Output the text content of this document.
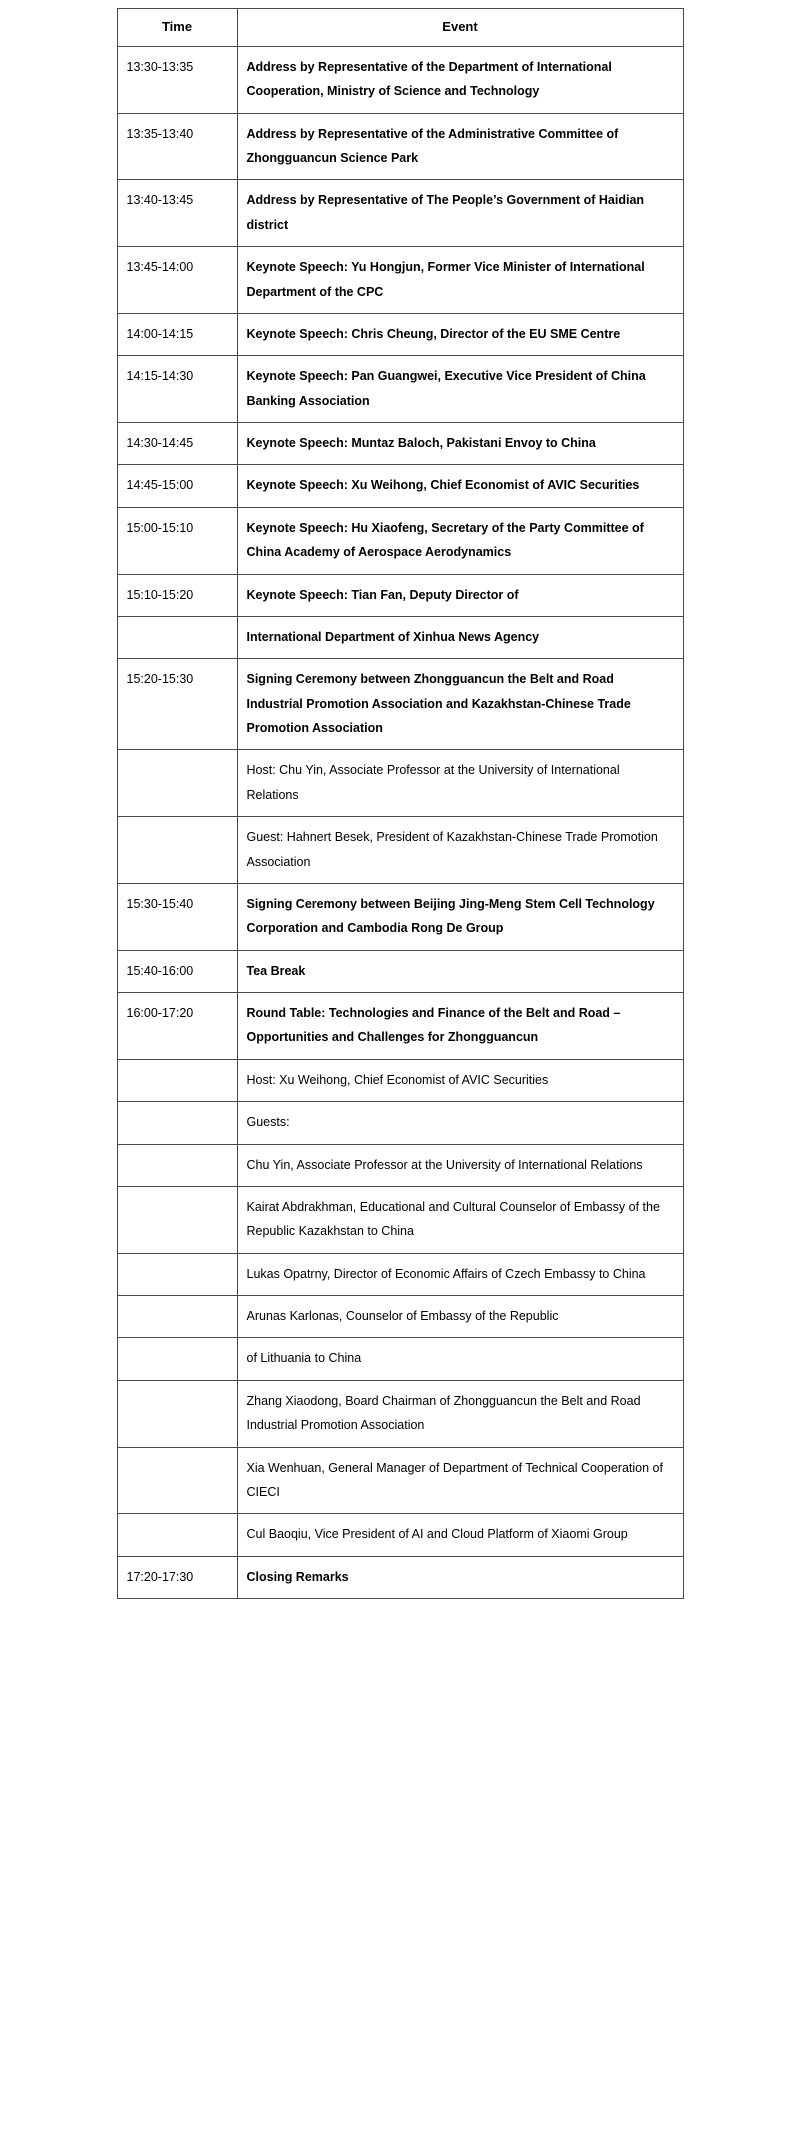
Time	Event
13:30-13:35	Address by Representative of the Department of International Cooperation, Ministry of Science and Technology
13:35-13:40	Address by Representative of the Administrative Committee of Zhongguancun Science Park
13:40-13:45	Address by Representative of The People’s Government of Haidian district
13:45-14:00	Keynote Speech: Yu Hongjun, Former Vice Minister of International Department of the CPC
14:00-14:15	Keynote Speech: Chris Cheung, Director of the EU SME Centre
14:15-14:30	Keynote Speech: Pan Guangwei, Executive Vice President of China Banking Association
14:30-14:45	Keynote Speech: Muntaz Baloch, Pakistani Envoy to China
14:45-15:00	Keynote Speech: Xu Weihong, Chief Economist of AVIC Securities
15:00-15:10	Keynote Speech: Hu Xiaofeng, Secretary of the Party Committee of China Academy of Aerospace Aerodynamics
15:10-15:20	Keynote Speech: Tian Fan, Deputy Director of
	International Department of Xinhua News Agency
15:20-15:30	Signing Ceremony between Zhongguancun the Belt and Road Industrial Promotion Association and Kazakhstan-Chinese Trade Promotion Association
	Host: Chu Yin, Associate Professor at the University of International Relations
	Guest: Hahnert Besek, President of Kazakhstan-Chinese Trade Promotion Association
15:30-15:40	Signing Ceremony between Beijing Jing-Meng Stem Cell Technology Corporation and Cambodia Rong De Group
15:40-16:00	Tea Break
16:00-17:20	Round Table: Technologies and Finance of the Belt and Road – Opportunities and Challenges for Zhongguancun
	Host: Xu Weihong, Chief Economist of AVIC Securities
	Guests:
	Chu Yin, Associate Professor at the University of International Relations
	Kairat Abdrakhman, Educational and Cultural Counselor of Embassy of the Republic Kazakhstan to China
	Lukas Opatrny, Director of Economic Affairs of Czech Embassy to China
	Arunas Karlonas, Counselor of Embassy of the Republic
	of Lithuania to China
	Zhang Xiaodong, Board Chairman of Zhongguancun the Belt and Road Industrial Promotion Association
	Xia Wenhuan, General Manager of Department of Technical Cooperation of CIECI
	Cul Baoqiu, Vice President of AI and Cloud Platform of Xiaomi Group
17:20-17:30	Closing Remarks
